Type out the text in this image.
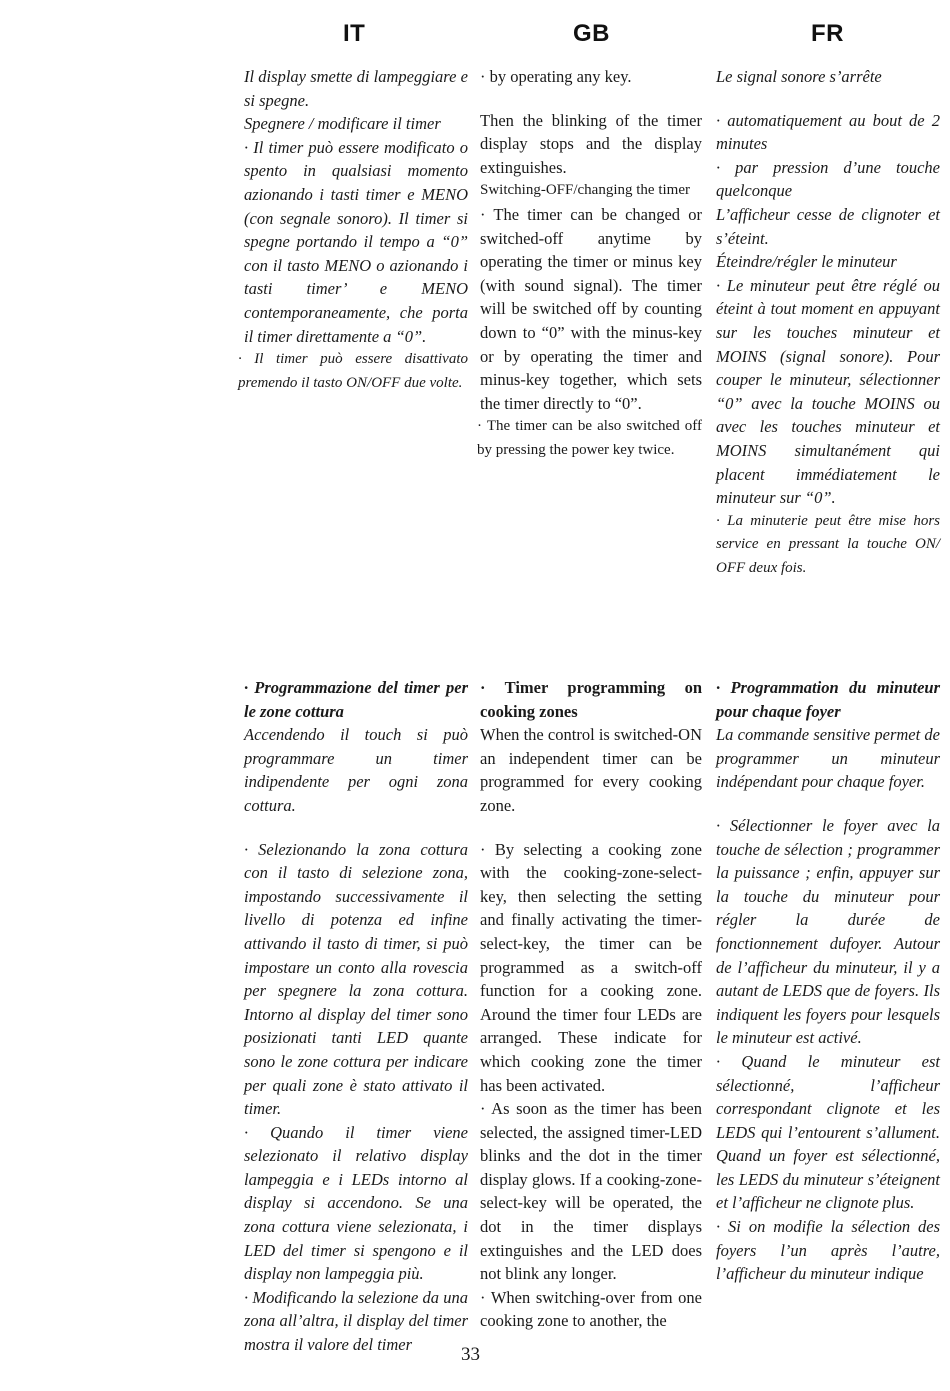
IT	GB	FR

Il display smette di lampeggiare e si spegne.

Spegnere / modificare il timer

· Il timer può essere modificato o spento in qualsiasi momento azionando i tasti timer e MENO (con segnale sonoro). Il timer si spegne portando il tempo a “0” con il tasto MENO o azionando i tasti timer’ e MENO contemporaneamente, che porta il timer direttamente a “0”.

· Il timer può essere disattivato premendo il tasto ON/OFF due volte.

· by operating any key.

Then the blinking of the timer display stops and the display extinguishes.

Switching-OFF/changing the timer

· The timer can be changed or switched-off anytime by operating the timer or minus key (with sound signal). The timer will be switched off by counting down to “0” with the minus-key or by operating the timer and minus-key together, which sets the timer directly to “0”.

· The timer can be also switched off by pressing the power key twice.

Le signal sonore s’arrête

· automatiquement au bout de 2 minutes

· par pression d’une touche quelconque

L’afficheur cesse de clignoter et s’éteint.

Éteindre/régler le minuteur

· Le minuteur peut être réglé ou éteint à tout moment en appuyant sur les touches minuteur et MOINS (signal sonore). Pour couper le minuteur, sélectionner “0” avec la touche MOINS ou avec les touches minuteur et MOINS simultanément qui placent immédiatement le minuteur sur “0”.

· La minuterie peut être mise hors service en pressant la touche ON/ OFF deux fois.

· Programmazione del timer per le zone cottura

Accendendo il touch si può programmare un timer indipendente per ogni zona cottura.

· Selezionando la zona cottura con il tasto di selezione zona, impostando successivamente il livello di potenza ed infine attivando il tasto di timer, si può impostare un conto alla rovescia per spegnere la zona cottura. Intorno al display del timer sono posizionati tanti LED quante sono le zone cottura per indicare per quali zone è stato attivato il timer.

· Quando il timer viene selezionato il relativo display lampeggia e i LEDs intorno al display si accendono. Se una zona cottura viene selezionata, i LED del timer si spengono e il display non lampeggia più.

· Modificando la selezione da una zona all’altra, il display del timer mostra il valore del timer

· Timer programming on cooking zones

When the control is switched-ON an independent timer can be programmed for every cooking zone.

· By selecting a cooking zone with the cooking-zone-select-key, then selecting the setting and finally activating the timer-select-key, the timer can be programmed as a switch-off function for a cooking zone. Around the timer four LEDs are arranged. These indicate for which cooking zone the timer has been activated.

· As soon as the timer has been selected, the assigned timer-LED blinks and the dot in the timer display glows. If a cooking-zone-select-key will be operated, the dot in the timer displays extinguishes and the LED does not blink any longer.

· When switching-over from one cooking zone to another, the

· Programmation du minuteur pour chaque foyer

La commande sensitive permet de programmer un minuteur indépendant pour chaque foyer.

· Sélectionner le foyer avec la touche de sélection ; programmer la puissance ; enfin, appuyer sur la touche du minuteur pour régler la durée de fonctionnement dufoyer. Autour de l’afficheur du minuteur, il y a autant de LEDS que de foyers. Ils indiquent les foyers pour lesquels le minuteur est activé.

· Quand le minuteur est sélectionné, l’afficheur correspondant clignote et les LEDS qui l’entourent s’allument. Quand un foyer est sélectionné, les LEDS du minuteur s’éteignent et l’afficheur ne clignote plus.

· Si on modifie la sélection des foyers l’un après l’autre, l’afficheur du minuteur indique

33
